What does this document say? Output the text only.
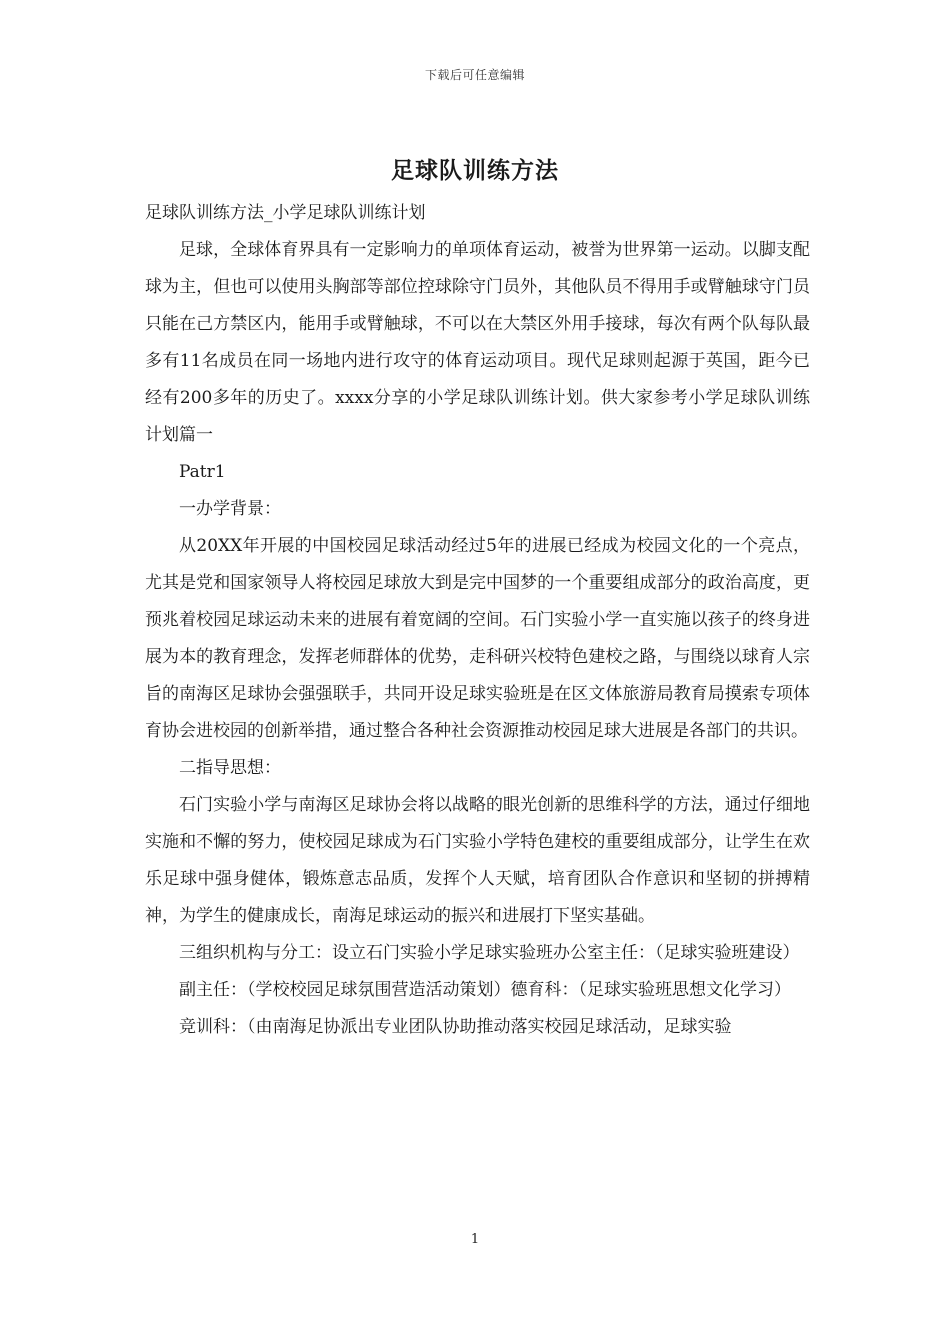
下载后可任意编辑
足球队训练方法

足球队训练方法_小学足球队训练计划

足球，全球体育界具有一定影响力的单项体育运动，被誉为世界第一运动。以脚支配球为主，但也可以使用头胸部等部位控球除守门员外，其他队员不得用手或臂触球守门员只能在己方禁区内，能用手或臂触球，不可以在大禁区外用手接球，每次有两个队每队最多有11名成员在同一场地内进行攻守的体育运动项目。现代足球则起源于英国，距今已经有200多年的历史了。xxxx分享的小学足球队训练计划。供大家参考小学足球队训练计划篇一

Patr1

一办学背景：

从20XX年开展的中国校园足球活动经过5年的进展已经成为校园文化的一个亮点，尤其是党和国家领导人将校园足球放大到是完中国梦的一个重要组成部分的政治高度，更预兆着校园足球运动未来的进展有着宽阔的空间。石门实验小学一直实施以孩子的终身进展为本的教育理念，发挥老师群体的优势，走科研兴校特色建校之路，与围绕以球育人宗旨的南海区足球协会强强联手，共同开设足球实验班是在区文体旅游局教育局摸索专项体育协会进校园的创新举措，通过整合各种社会资源推动校园足球大进展是各部门的共识。

二指导思想：

石门实验小学与南海区足球协会将以战略的眼光创新的思维科学的方法，通过仔细地实施和不懈的努力，使校园足球成为石门实验小学特色建校的重要组成部分，让学生在欢乐足球中强身健体，锻炼意志品质，发挥个人天赋，培育团队合作意识和坚韧的拼搏精神，为学生的健康成长，南海足球运动的振兴和进展打下坚实基础。

三组织机构与分工：设立石门实验小学足球实验班办公室主任：（足球实验班建设）

副主任：（学校校园足球氛围营造活动策划）德育科：（足球实验班思想文化学习）

竞训科：（由南海足协派出专业团队协助推动落实校园足球活动，足球实验

1
